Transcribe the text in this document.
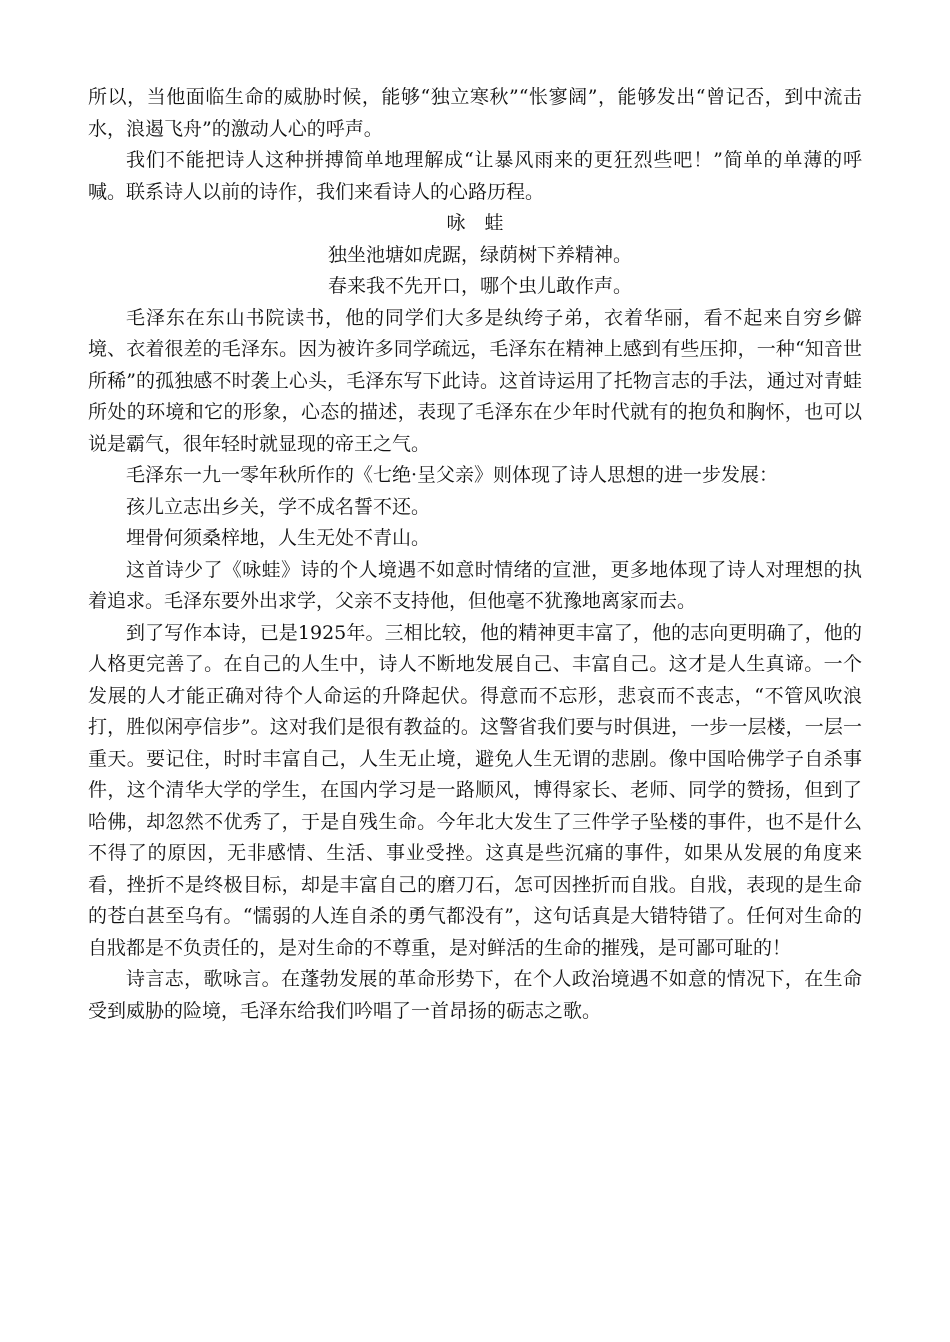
所以，当他面临生命的威胁时候，能够“独立寒秋”“怅寥阔”，能够发出“曾记否，到中流击水，浪遏飞舟”的激动人心的呼声。

我们不能把诗人这种拼搏简单地理解成“让暴风雨来的更狂烈些吧！”简单的单薄的呼喊。联系诗人以前的诗作，我们来看诗人的心路历程。

咏 蛙

独坐池塘如虎踞，绿荫树下养精神。

春来我不先开口，哪个虫儿敢作声。

毛泽东在东山书院读书，他的同学们大多是纨绔子弟，衣着华丽，看不起来自穷乡僻境、衣着很差的毛泽东。因为被许多同学疏远，毛泽东在精神上感到有些压抑，一种“知音世所稀”的孤独感不时袭上心头，毛泽东写下此诗。这首诗运用了托物言志的手法，通过对青蛙所处的环境和它的形象，心态的描述，表现了毛泽东在少年时代就有的抱负和胸怀，也可以说是霸气，很年轻时就显现的帝王之气。

毛泽东一九一零年秋所作的《七绝·呈父亲》则体现了诗人思想的进一步发展：

孩儿立志出乡关，学不成名誓不还。

埋骨何须桑梓地，人生无处不青山。

这首诗少了《咏蛙》诗的个人境遇不如意时情绪的宣泄，更多地体现了诗人对理想的执着追求。毛泽东要外出求学，父亲不支持他，但他毫不犹豫地离家而去。

到了写作本诗，已是1925年。三相比较，他的精神更丰富了，他的志向更明确了，他的人格更完善了。在自己的人生中，诗人不断地发展自己、丰富自己。这才是人生真谛。一个发展的人才能正确对待个人命运的升降起伏。得意而不忘形，悲哀而不丧志，“不管风吹浪打，胜似闲亭信步”。这对我们是很有教益的。这警省我们要与时俱进，一步一层楼，一层一重天。要记住，时时丰富自己，人生无止境，避免人生无谓的悲剧。像中国哈佛学子自杀事件，这个清华大学的学生，在国内学习是一路顺风，博得家长、老师、同学的赞扬，但到了哈佛，却忽然不优秀了，于是自残生命。今年北大发生了三件学子坠楼的事件，也不是什么不得了的原因，无非感情、生活、事业受挫。这真是些沉痛的事件，如果从发展的角度来看，挫折不是终极目标，却是丰富自己的磨刀石，怎可因挫折而自戕。自戕，表现的是生命的苍白甚至乌有。“懦弱的人连自杀的勇气都没有”，这句话真是大错特错了。任何对生命的自戕都是不负责任的，是对生命的不尊重，是对鲜活的生命的摧残，是可鄙可耻的！

诗言志，歌咏言。在蓬勃发展的革命形势下，在个人政治境遇不如意的情况下，在生命受到威胁的险境，毛泽东给我们吟唱了一首昂扬的砺志之歌。
